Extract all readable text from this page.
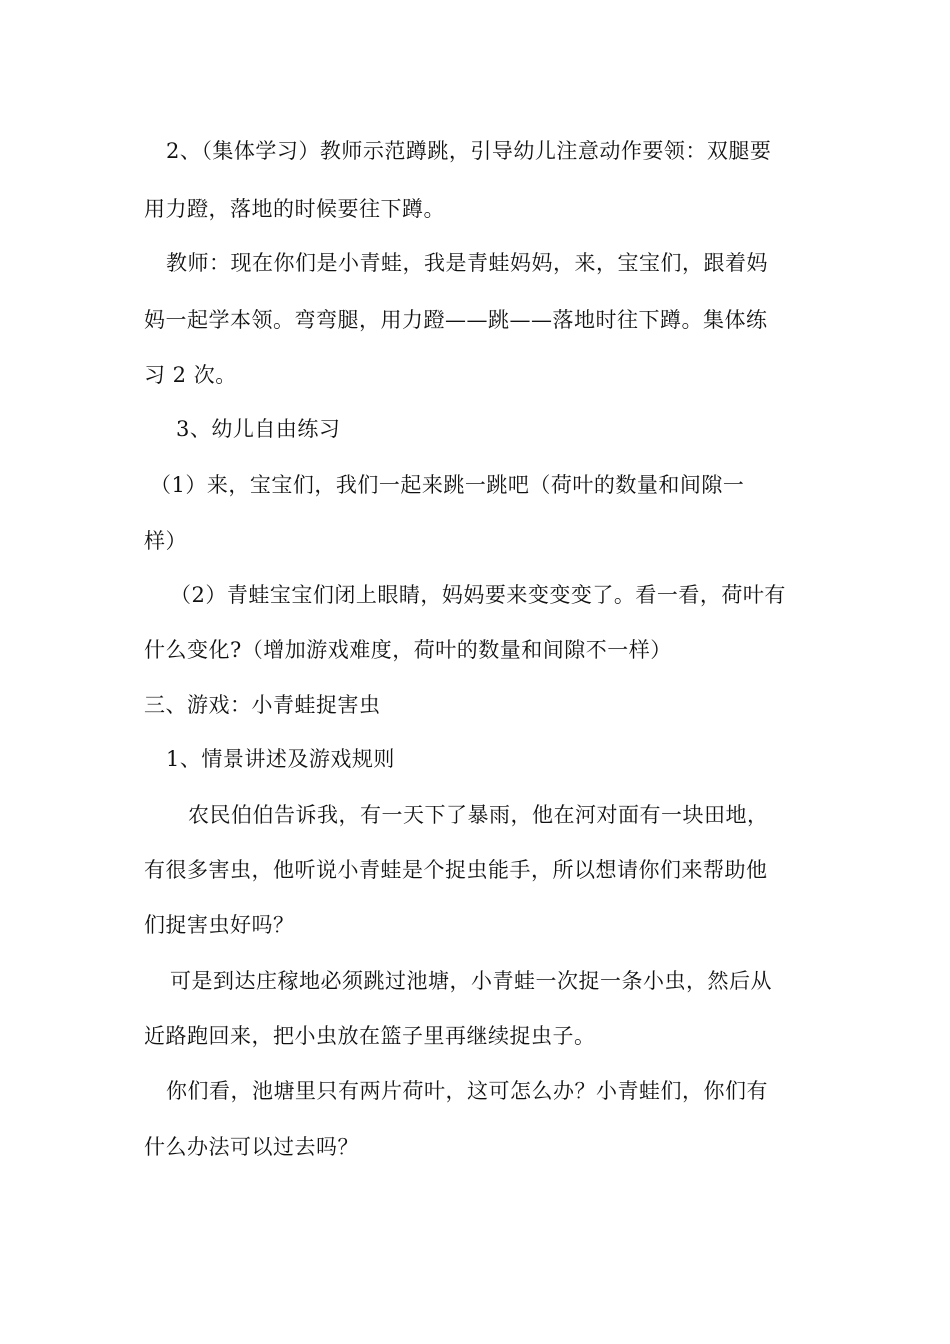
2、（集体学习）教师示范蹲跳，引导幼儿注意动作要领：双腿要
用力蹬，落地的时候要往下蹲。
教师：现在你们是小青蛙，我是青蛙妈妈，来，宝宝们，跟着妈
妈一起学本领。弯弯腿，用力蹬——跳——落地时往下蹲。集体练
习 2 次。
3、幼儿自由练习
（1）来，宝宝们，我们一起来跳一跳吧（荷叶的数量和间隙一
样）
（2）青蛙宝宝们闭上眼睛，妈妈要来变变变了。看一看，荷叶有
什么变化?（增加游戏难度，荷叶的数量和间隙不一样）
三、游戏：小青蛙捉害虫
1、情景讲述及游戏规则
农民伯伯告诉我，有一天下了暴雨，他在河对面有一块田地，
有很多害虫，他听说小青蛙是个捉虫能手，所以想请你们来帮助他
们捉害虫好吗？
可是到达庄稼地必须跳过池塘，小青蛙一次捉一条小虫，然后从
近路跑回来，把小虫放在篮子里再继续捉虫子。
你们看，池塘里只有两片荷叶，这可怎么办？小青蛙们，你们有
什么办法可以过去吗？
